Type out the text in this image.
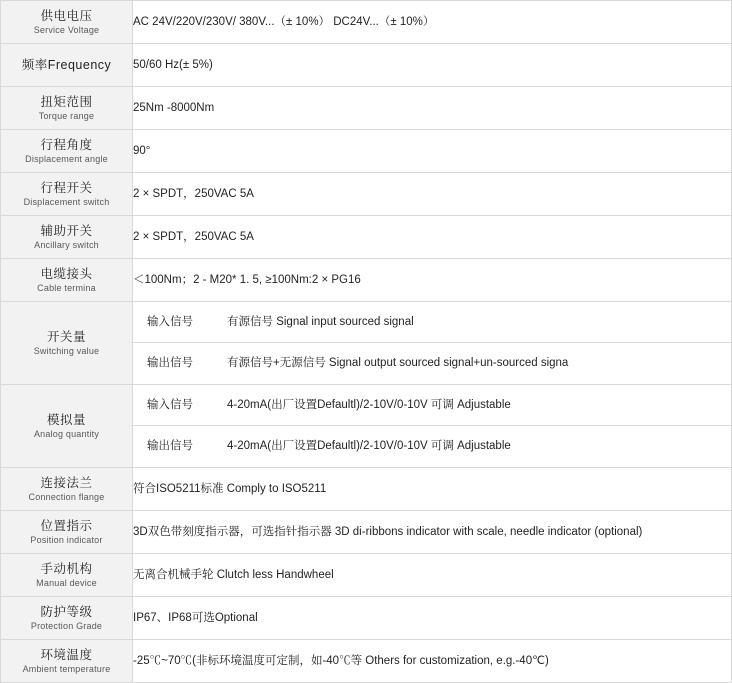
供电电压
Service Voltage	AC 24V/220V/230V/ 380V...（± 10%） DC24V...（± 10%）

频率Frequency	50/60 Hz(± 5%)

扭矩范围
Torque range	25Nm -8000Nm

行程角度
Displacement angle	90°

行程开关
Displacement switch	2 × SPDT，250VAC 5A

辅助开关
Ancillary switch	2 × SPDT，250VAC 5A

电缆接头
Cable termina	＜100Nm；2 - M20* 1. 5, ≥100Nm:2 × PG16

开关量
Switching value

输入信号	有源信号 Signal input sourced signal
输出信号	有源信号+无源信号 Signal output sourced signal+un-sourced signa

模拟量
Analog quantity

输入信号	4-20mA(出厂设置Defaultl)/2-10V/0-10V 可调 Adjustable
输出信号	4-20mA(出厂设置Defaultl)/2-10V/0-10V 可调 Adjustable

连接法兰
Connection flange	符合ISO5211标准 Comply to ISO5211

位置指示
Position indicator	3D双色带刻度指示器，可选指针指示器 3D di-ribbons indicator with scale, needle indicator (optional)

手动机构
Manual device	无离合机械手轮 Clutch less Handwheel

防护等级
Protection Grade	IP67、IP68可选Optional

环境温度
Ambient temperature	-25℃~70℃(非标环境温度可定制，如-40℃等 Others for customization, e.g.-40℃)
